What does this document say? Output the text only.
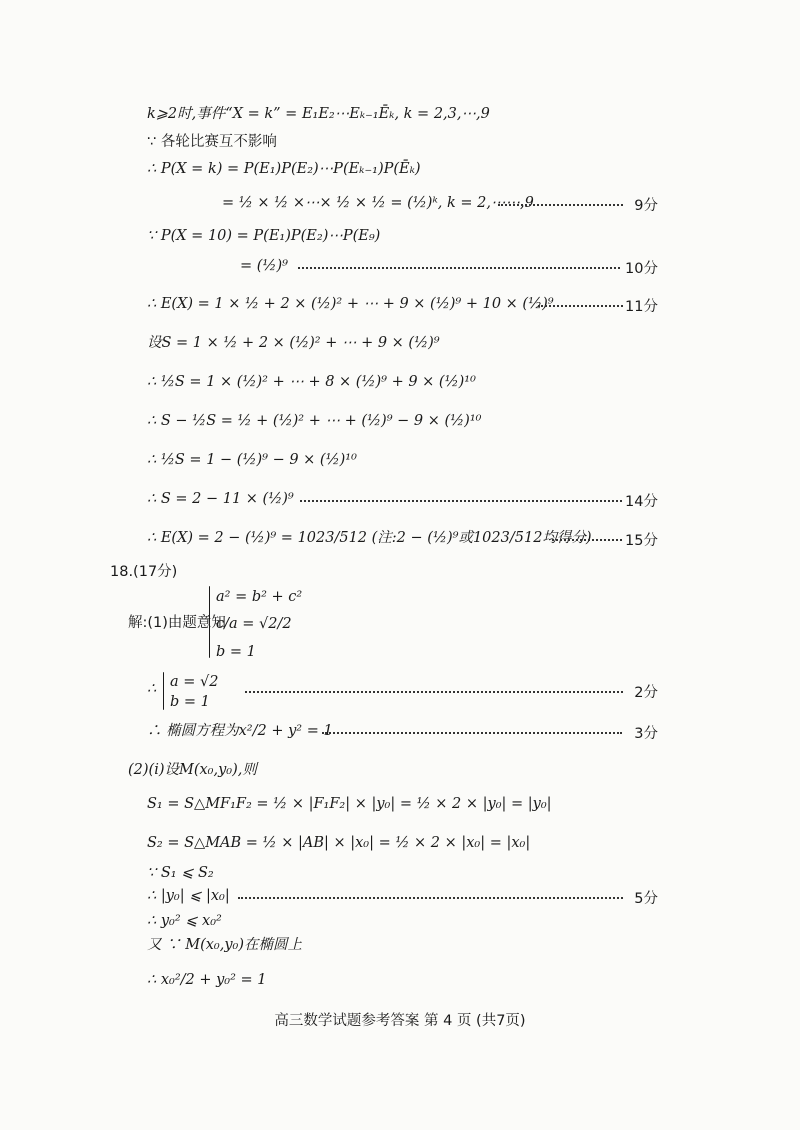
k⩾2时,事件“X = k” = E₁E₂⋯Eₖ₋₁Ēₖ, k = 2,3,⋯,9
∵ 各轮比赛互不影响
∴ P(X = k) = P(E₁)P(E₂)⋯P(Eₖ₋₁)P(Ēₖ)
= ½ × ½ ×⋯× ½ × ½ = (½)ᵏ, k = 2,⋯⋯,9	9分
∵ P(X = 10) = P(E₁)P(E₂)⋯P(E₉)
= (½)⁹	10分
∴ E(X) = 1 × ½ + 2 × (½)² + ⋯ + 9 × (½)⁹ + 10 × (½)⁹	11分
设S = 1 × ½ + 2 × (½)² + ⋯ + 9 × (½)⁹
∴ ½S = 1 × (½)² + ⋯ + 8 × (½)⁹ + 9 × (½)¹⁰
∴ S − ½S = ½ + (½)² + ⋯ + (½)⁹ − 9 × (½)¹⁰
∴ ½S = 1 − (½)⁹ − 9 × (½)¹⁰
∴ S = 2 − 11 × (½)⁹	14分
∴ E(X) = 2 − (½)⁹ = 1023/512 (注:2 − (½)⁹或1023/512均得分) 15分
18.(17分)
解:(1)由题意知
a² = b² + c²
c/a = √2/2
b = 1
∴ a = √2
b = 1
2分
∴ 椭圆方程为x²/2 + y² = 1	3分
(2)(i)设M(x₀,y₀),则
S₁ = S△MF₁F₂ = ½ × |F₁F₂| × |y₀| = ½ × 2 × |y₀| = |y₀|
S₂ = S△MAB = ½ × |AB| × |x₀| = ½ × 2 × |x₀| = |x₀|
∵ S₁ ⩽ S₂
∴ |y₀| ⩽ |x₀|	5分
∴ y₀² ⩽ x₀²
又 ∵ M(x₀,y₀)在椭圆上
∴ x₀²/2 + y₀² = 1
高三数学试题参考答案 第 4 页 (共7页)
